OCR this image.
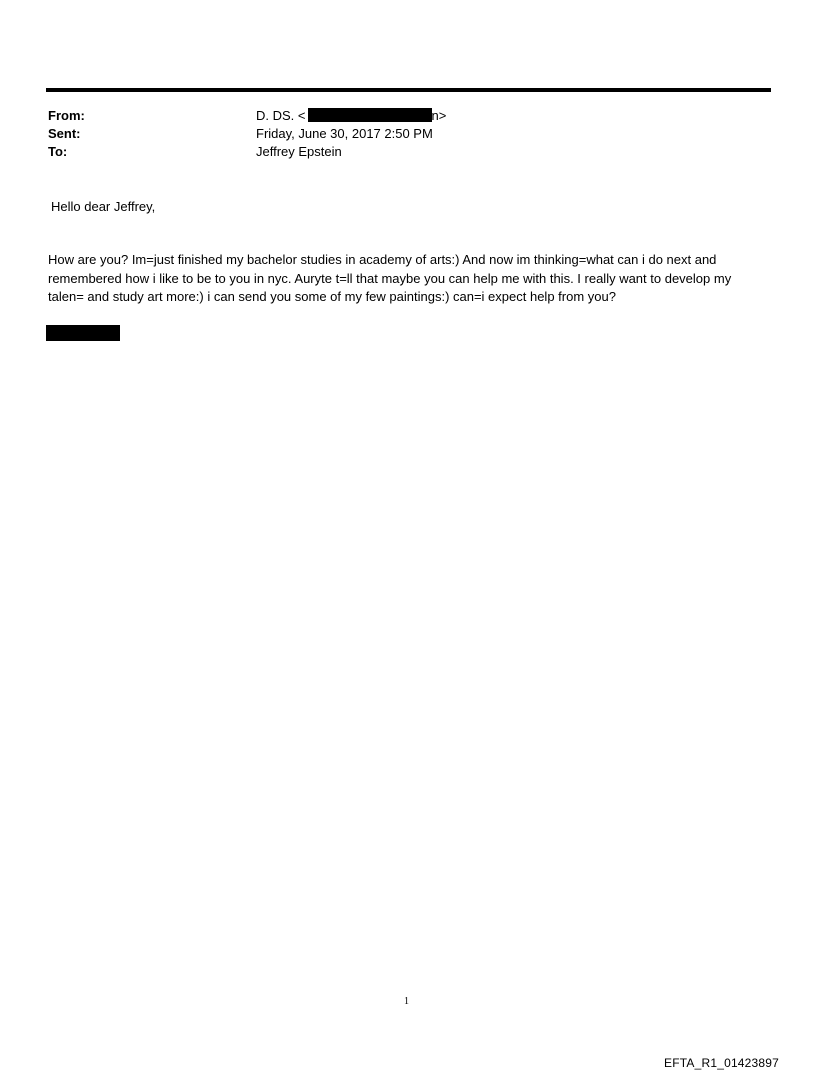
From:	D. DS. <	n>
Sent:	Friday, June 30, 2017 2:50 PM
To:	Jeffrey Epstein
Hello dear Jeffrey,
How are you? Im=just finished my bachelor studies in academy of arts:) And now im thinking=what can i do next and
remembered how i like to be to you in nyc. Auryte t=ll that maybe you can help me with this. I really want to develop my
talen= and study art more:) i can send you some of my few paintings:) can=i expect help from you?
1
EFTA_R1_01423897
